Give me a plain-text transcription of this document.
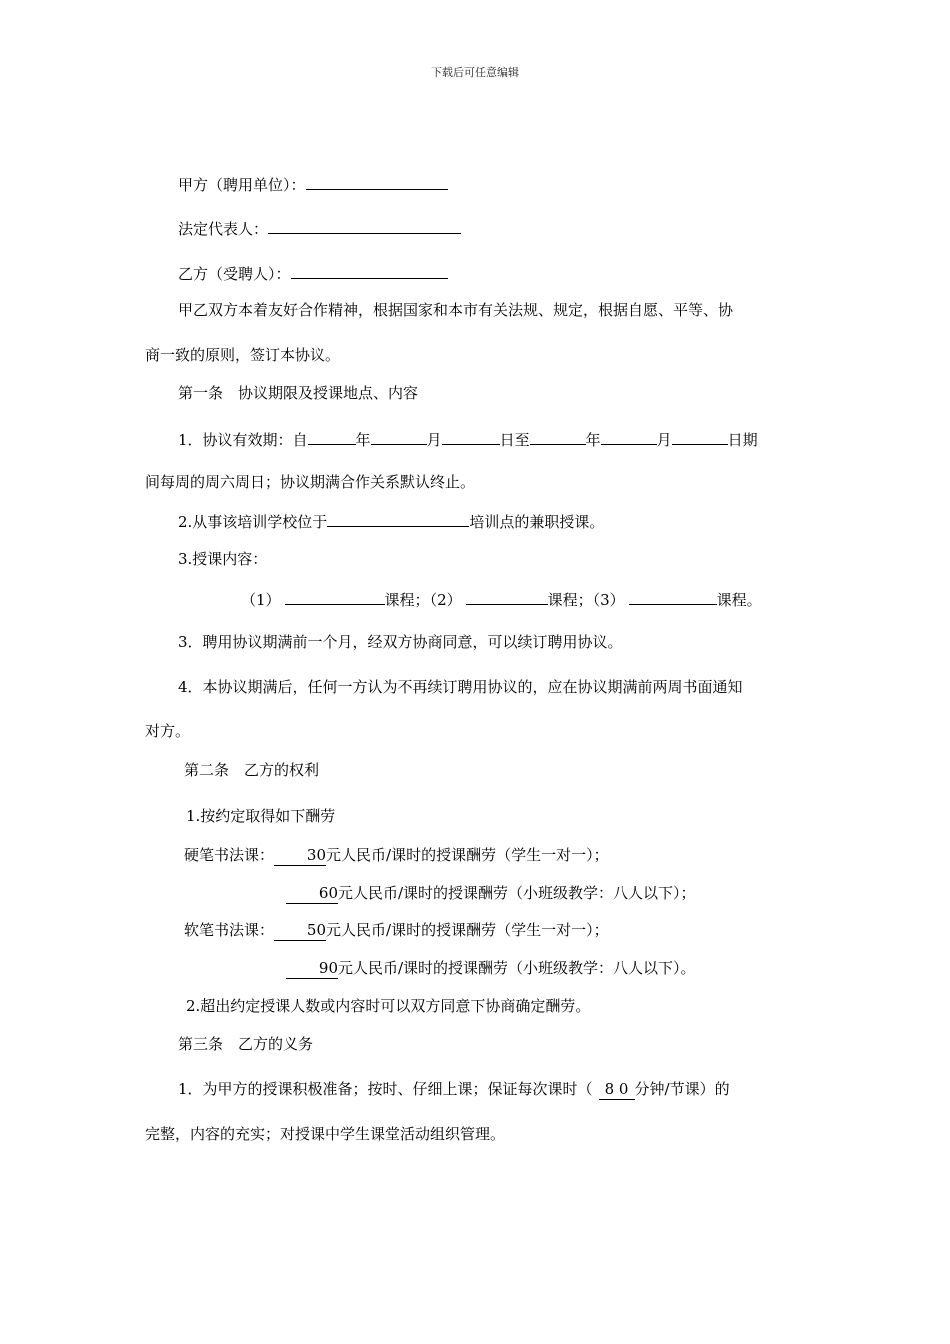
下载后可任意编辑
甲方（聘用单位）：
法定代表人：
乙方（受聘人）：
甲乙双方本着友好合作精神，根据国家和本市有关法规、规定，根据自愿、平等、协
商一致的原则，签订本协议。
第一条　协议期限及授课地点、内容
1．协议有效期：自	年	月	日至	年	月	日期
间每周的周六周日；协议期满合作关系默认终止。
2.从事该培训学校位于	培训点的兼职授课。
3.授课内容：
（1）	课程；（2）	课程；（3）	课程。
3．聘用协议期满前一个月，经双方协商同意，可以续订聘用协议。
4．本协议期满后，任何一方认为不再续订聘用协议的，应在协议期满前两周书面通知
对方。
第二条　乙方的权利
1.按约定取得如下酬劳
硬笔书法课： 30元人民币/课时的授课酬劳（学生一对一）；
60元人民币/课时的授课酬劳（小班级教学：八人以下）；
软笔书法课： 50元人民币/课时的授课酬劳（学生一对一）；
90元人民币/课时的授课酬劳（小班级教学：八人以下）。
2.超出约定授课人数或内容时可以双方同意下协商确定酬劳。
第三条　乙方的义务
1．为甲方的授课积极准备；按时、仔细上课；保证每次课时（ 8 0 分钟/节课）的
完整，内容的充实；对授课中学生课堂活动组织管理。
